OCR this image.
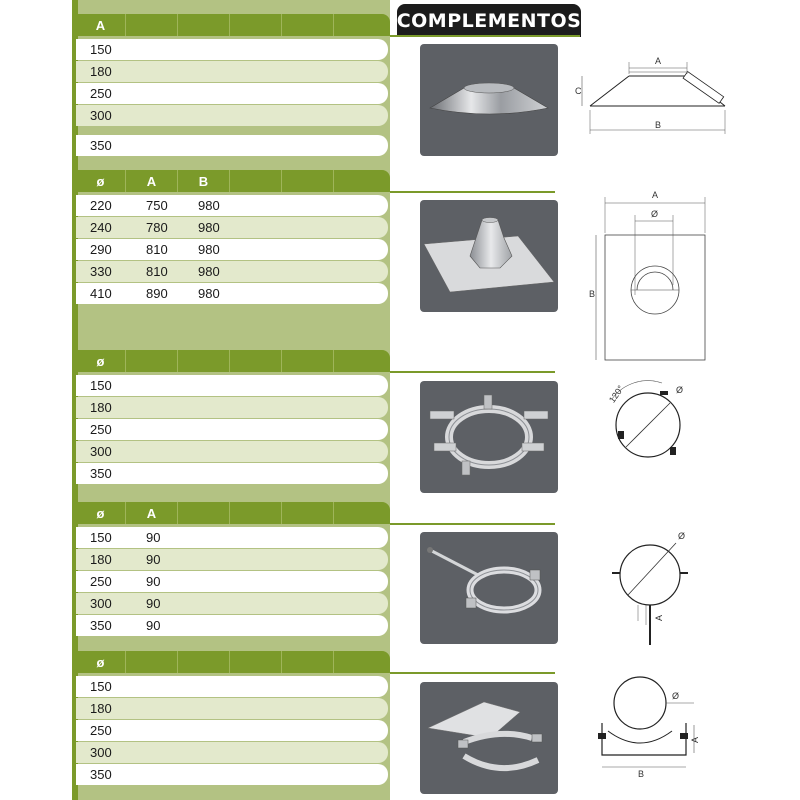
COMPLEMENTOS
A
150
180
250
300
350
ø	A	B
220	750	980
240	780	980
290	810	980
330	810	980
410	890	980
ø
150
180
250
300
350
ø	A
150	90
180	90
250	90
300	90
350	90
ø
150
180
250
300
350
A
B
C
A
Ø
B
120°	Ø
Ø
A
Ø
A
B
